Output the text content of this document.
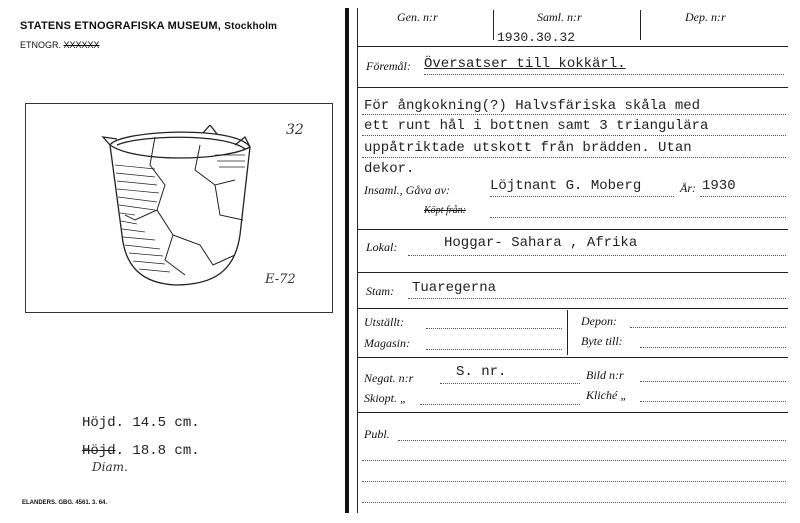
STATENS ETNOGRAFISKA MUSEUM, Stockholm
ETNOGR. XXXXXX
32
E-72
Höjd. 14.5 cm.
Höjd. 18.8 cm.
Diam.
ELANDERS. GBG. 4561. 3. 64.
Gen. n:r	Saml. n:r	Dep. n:r
1930.30.32
Föremål: Översatser till kokkärl.
För ångkokning(?) Halvsfäriska skåla med
ett runt hål i bottnen samt 3 triangulära
uppåtriktade utskott från brädden. Utan
dekor.
Insaml., Gåva av:	Löjtnant G. Moberg	År: 1930
Köpt från:
Lokal:	Hoggar- Sahara , Afrika
Stam: Tuaregerna
Utställt:
Magasin:
Depon:
Byte till:
Negat. n:r	S. nr.	Bild n:r
Skiopt. „	Kliché „
Publ.
